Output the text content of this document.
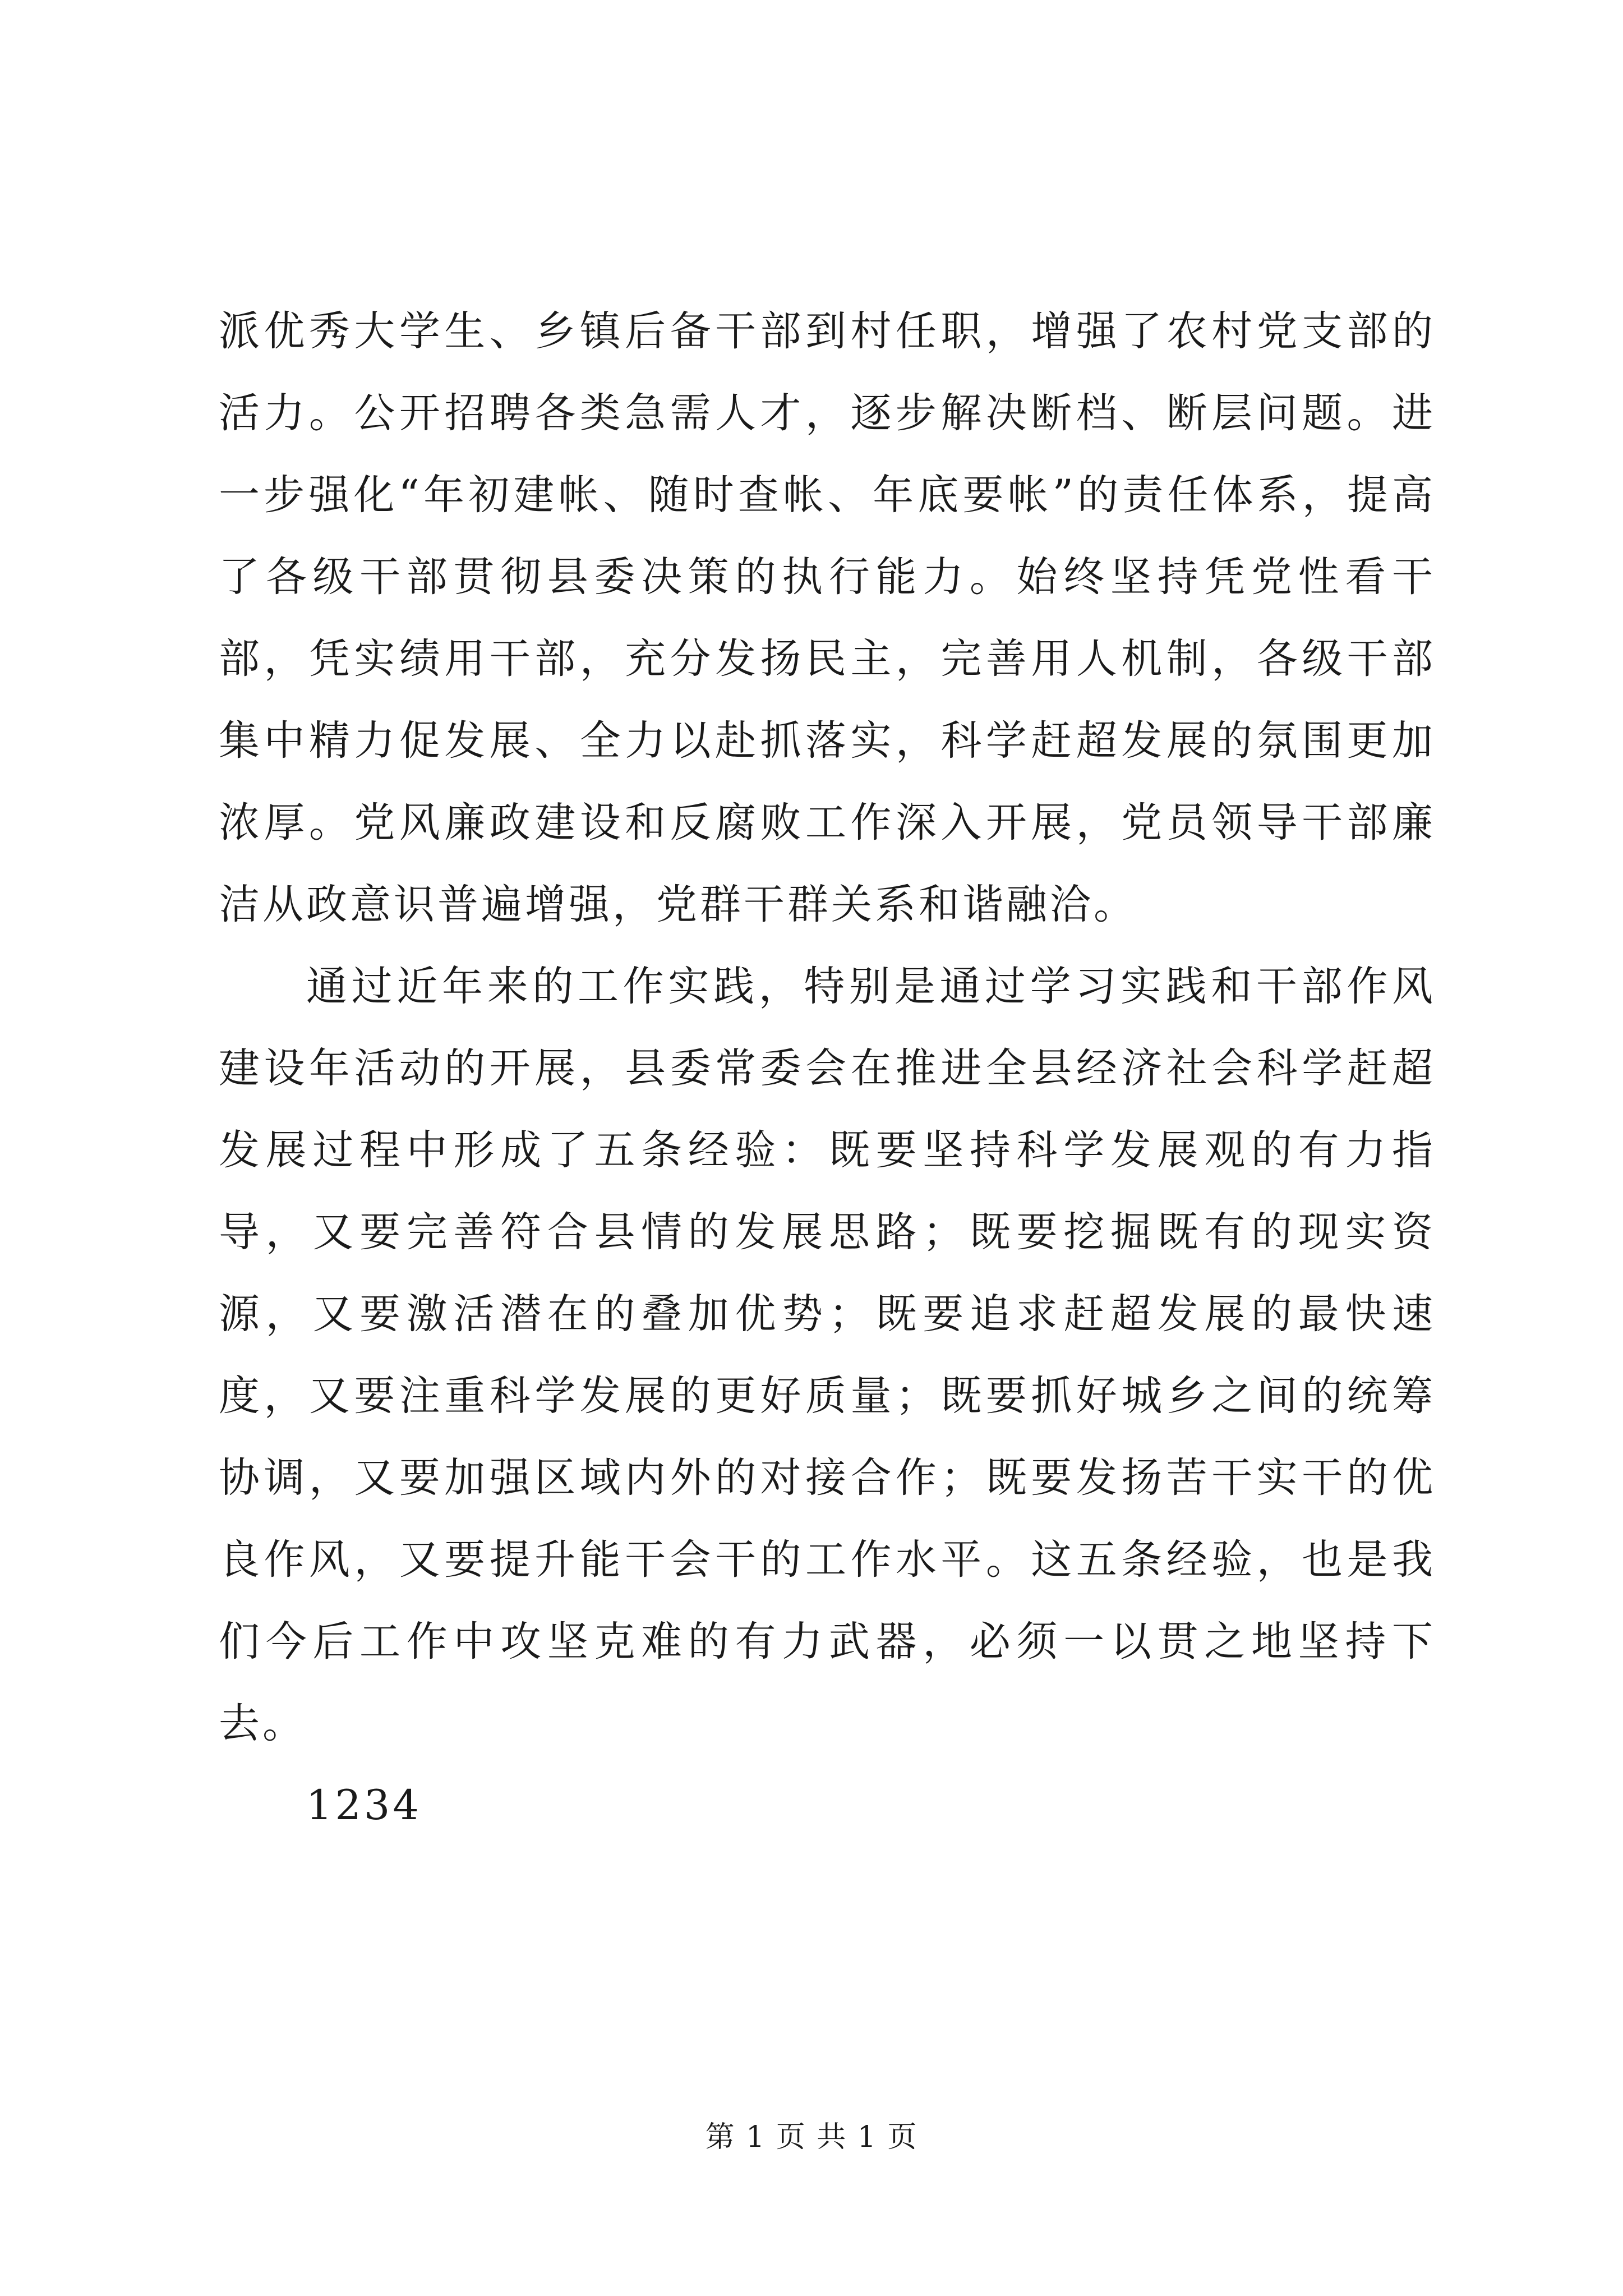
派优秀大学生、乡镇后备干部到村任职，增强了农村党支部的活力。公开招聘各类急需人才，逐步解决断档、断层问题。进一步强化“年初建帐、随时查帐、年底要帐”的责任体系，提高了各级干部贯彻县委决策的执行能力。始终坚持凭党性看干部，凭实绩用干部，充分发扬民主，完善用人机制，各级干部集中精力促发展、全力以赴抓落实，科学赶超发展的氛围更加浓厚。党风廉政建设和反腐败工作深入开展，党员领导干部廉洁从政意识普遍增强，党群干群关系和谐融洽。

通过近年来的工作实践，特别是通过学习实践和干部作风建设年活动的开展，县委常委会在推进全县经济社会科学赶超发展过程中形成了五条经验：既要坚持科学发展观的有力指导，又要完善符合县情的发展思路；既要挖掘既有的现实资源，又要激活潜在的叠加优势；既要追求赶超发展的最快速度，又要注重科学发展的更好质量；既要抓好城乡之间的统筹协调，又要加强区域内外的对接合作；既要发扬苦干实干的优良作风，又要提升能干会干的工作水平。这五条经验，也是我们今后工作中攻坚克难的有力武器，必须一以贯之地坚持下去。

1234

第 1 页 共 1 页
